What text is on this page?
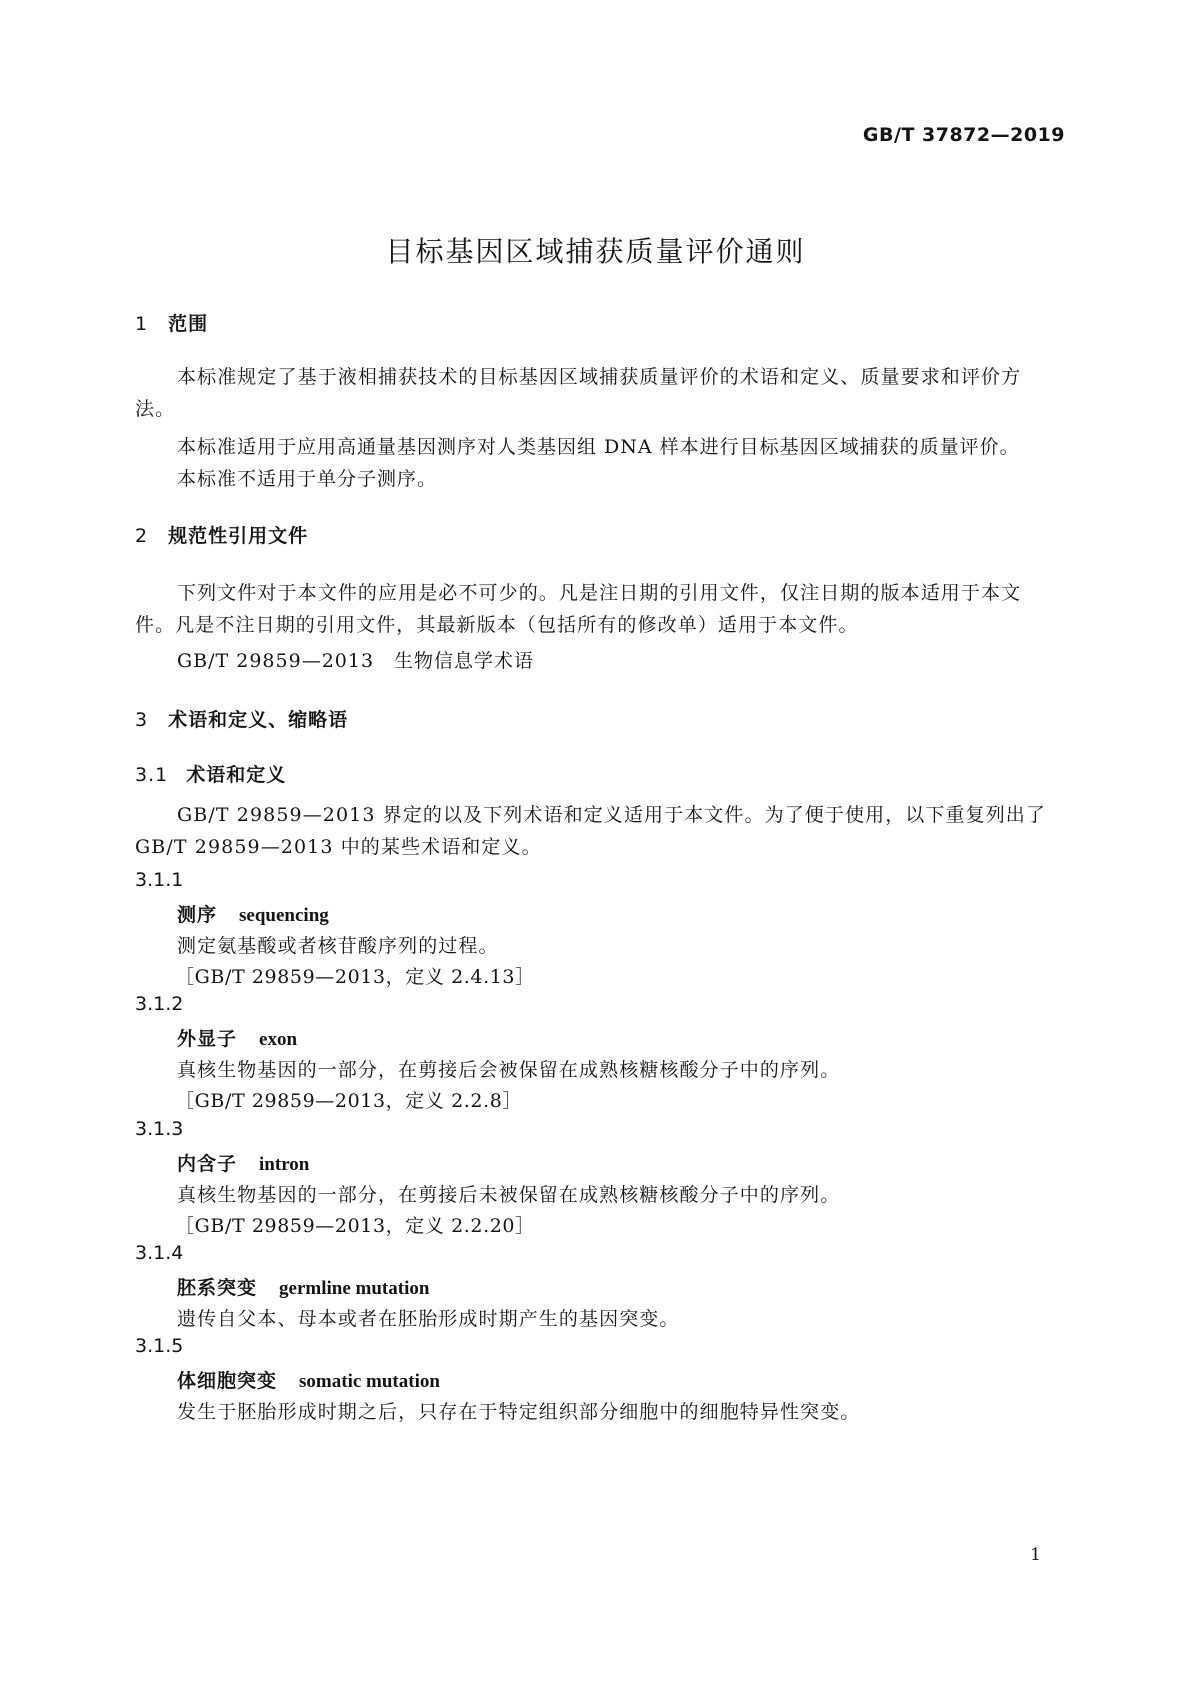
GB/T 37872—2019
目标基因区域捕获质量评价通则
1 范围

本标准规定了基于液相捕获技术的目标基因区域捕获质量评价的术语和定义、质量要求和评价方法。

本标准适用于应用高通量基因测序对人类基因组 DNA 样本进行目标基因区域捕获的质量评价。
本标准不适用于单分子测序。
2 规范性引用文件

下列文件对于本文件的应用是必不可少的。凡是注日期的引用文件，仅注日期的版本适用于本文件。凡是不注日期的引用文件，其最新版本（包括所有的修改单）适用于本文件。

GB/T 29859—2013　生物信息学术语
3 术语和定义、缩略语
3.1 术语和定义

GB/T 29859—2013 界定的以及下列术语和定义适用于本文件。为了便于使用，以下重复列出了GB/T 29859—2013 中的某些术语和定义。

3.1.1
测序 sequencing
测定氨基酸或者核苷酸序列的过程。
［GB/T 29859—2013，定义 2.4.13］
3.1.2
外显子 exon
真核生物基因的一部分，在剪接后会被保留在成熟核糖核酸分子中的序列。
［GB/T 29859—2013，定义 2.2.8］
3.1.3
内含子 intron
真核生物基因的一部分，在剪接后未被保留在成熟核糖核酸分子中的序列。
［GB/T 29859—2013，定义 2.2.20］
3.1.4
胚系突变 germline mutation
遗传自父本、母本或者在胚胎形成时期产生的基因突变。
3.1.5
体细胞突变 somatic mutation
发生于胚胎形成时期之后，只存在于特定组织部分细胞中的细胞特异性突变。
1
